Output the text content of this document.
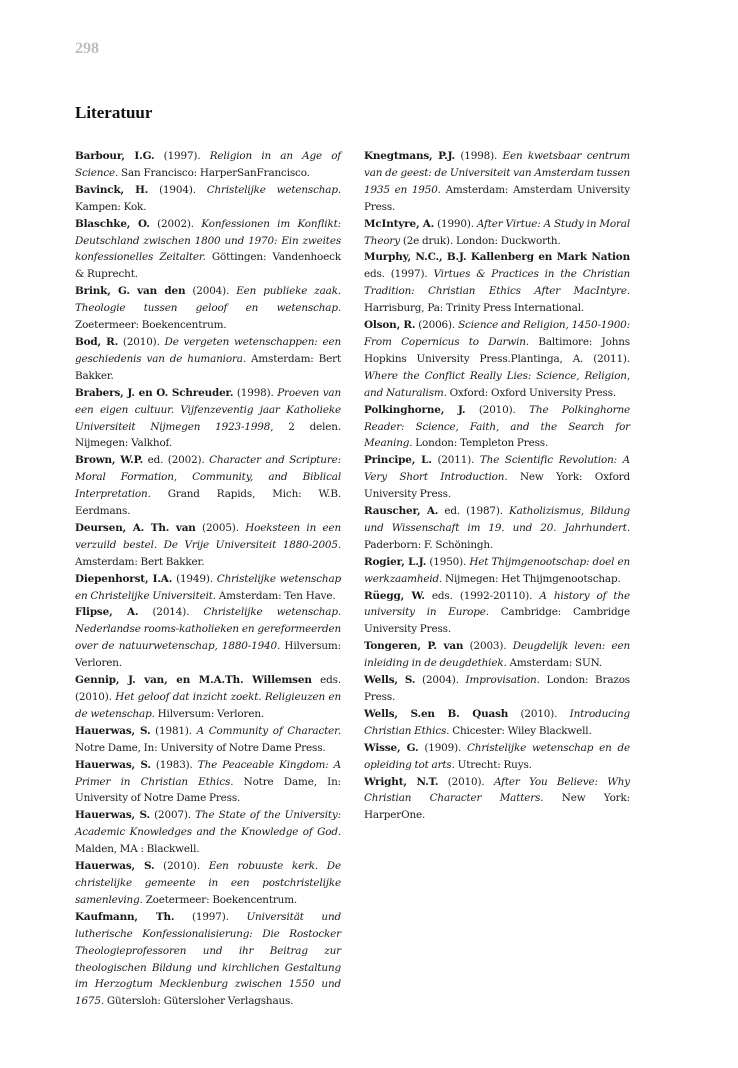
298
Literatuur

Barbour, I.G. (1997). Religion in an Age of Science. San Francisco: HarperSanFrancisco.

Bavinck, H. (1904). Christelijke wetenschap. Kampen: Kok.

Blaschke, O. (2002). Konfessionen im Konflikt: Deutschland zwischen 1800 und 1970: Ein zweites konfessionelles Zeitalter. Göttingen: Vandenhoeck & Ruprecht.

Brink, G. van den (2004). Een publieke zaak. Theologie tussen geloof en wetenschap. Zoetermeer: Boekencentrum.

Bod, R. (2010). De vergeten wetenschappen: een geschiedenis van de humaniora. Amsterdam: Bert Bakker.

Brabers, J. en O. Schreuder. (1998). Proeven van een eigen cultuur. Vijfenzeventig jaar Katholieke Universiteit Nijmegen 1923-1998, 2 delen. Nijmegen: Valkhof.

Brown, W.P. ed. (2002). Character and Scripture: Moral Formation, Community, and Biblical Interpretation. Grand Rapids, Mich: W.B. Eerdmans.

Deursen, A. Th. van (2005). Hoeksteen in een verzuild bestel. De Vrije Universiteit 1880-2005. Amsterdam: Bert Bakker.

Diepenhorst, I.A. (1949). Christelijke wetenschap en Christelijke Universiteit. Amsterdam: Ten Have.

Flipse, A. (2014). Christelijke wetenschap. Nederlandse rooms-katholieken en gereformeerden over de natuurwetenschap, 1880-1940. Hilversum: Verloren.

Gennip, J. van, en M.A.Th. Willemsen eds. (2010). Het geloof dat inzicht zoekt. Religieuzen en de wetenschap. Hilversum: Verloren.

Hauerwas, S. (1981). A Community of Character. Notre Dame, In: University of Notre Dame Press.

Hauerwas, S. (1983). The Peaceable Kingdom: A Primer in Christian Ethics. Notre Dame, In: University of Notre Dame Press.

Hauerwas, S. (2007). The State of the University: Academic Knowledges and the Knowledge of God. Malden, MA : Blackwell.

Hauerwas, S. (2010). Een robuuste kerk. De christelijke gemeente in een postchristelijke samenleving. Zoetermeer: Boekencentrum.

Kaufmann, Th. (1997). Universität und lutherische Konfessionalisierung: Die Rostocker Theologieprofessoren und ihr Beitrag zur theologischen Bildung und kirchlichen Gestaltung im Herzogtum Mecklenburg zwischen 1550 und 1675. Gütersloh: Gütersloher Verlagshaus.

Knegtmans, P.J. (1998). Een kwetsbaar centrum van de geest: de Universiteit van Amsterdam tussen 1935 en 1950. Amsterdam: Amsterdam University Press.

McIntyre, A. (1990). After Virtue: A Study in Moral Theory (2e druk). London: Duckworth.

Murphy, N.C., B.J. Kallenberg en Mark Nation eds. (1997). Virtues & Practices in the Christian Tradition: Christian Ethics After MacIntyre. Harrisburg, Pa: Trinity Press International.

Olson, R. (2006). Science and Religion, 1450-1900: From Copernicus to Darwin. Baltimore: Johns Hopkins University Press.Plantinga, A. (2011). Where the Conflict Really Lies: Science, Religion, and Naturalism. Oxford: Oxford University Press.

Polkinghorne, J. (2010). The Polkinghorne Reader: Science, Faith, and the Search for Meaning. London: Templeton Press.

Principe, L. (2011). The Scientific Revolution: A Very Short Introduction. New York: Oxford University Press.

Rauscher, A. ed. (1987). Katholizismus, Bildung und Wissenschaft im 19. und 20. Jahrhundert. Paderborn: F. Schöningh.

Rogier, L.J. (1950). Het Thijmgenootschap: doel en werkzaamheid. Nijmegen: Het Thijmgenootschap.

Rüegg, W. eds. (1992-20110). A history of the university in Europe. Cambridge: Cambridge University Press.

Tongeren, P. van (2003). Deugdelijk leven: een inleiding in de deugdethiek. Amsterdam: SUN.

Wells, S. (2004). Improvisation. London: Brazos Press.

Wells, S.en B. Quash (2010). Introducing Christian Ethics. Chicester: Wiley Blackwell.

Wisse, G. (1909). Christelijke wetenschap en de opleiding tot arts. Utrecht: Ruys.

Wright, N.T. (2010). After You Believe: Why Christian Character Matters. New York: HarperOne.
